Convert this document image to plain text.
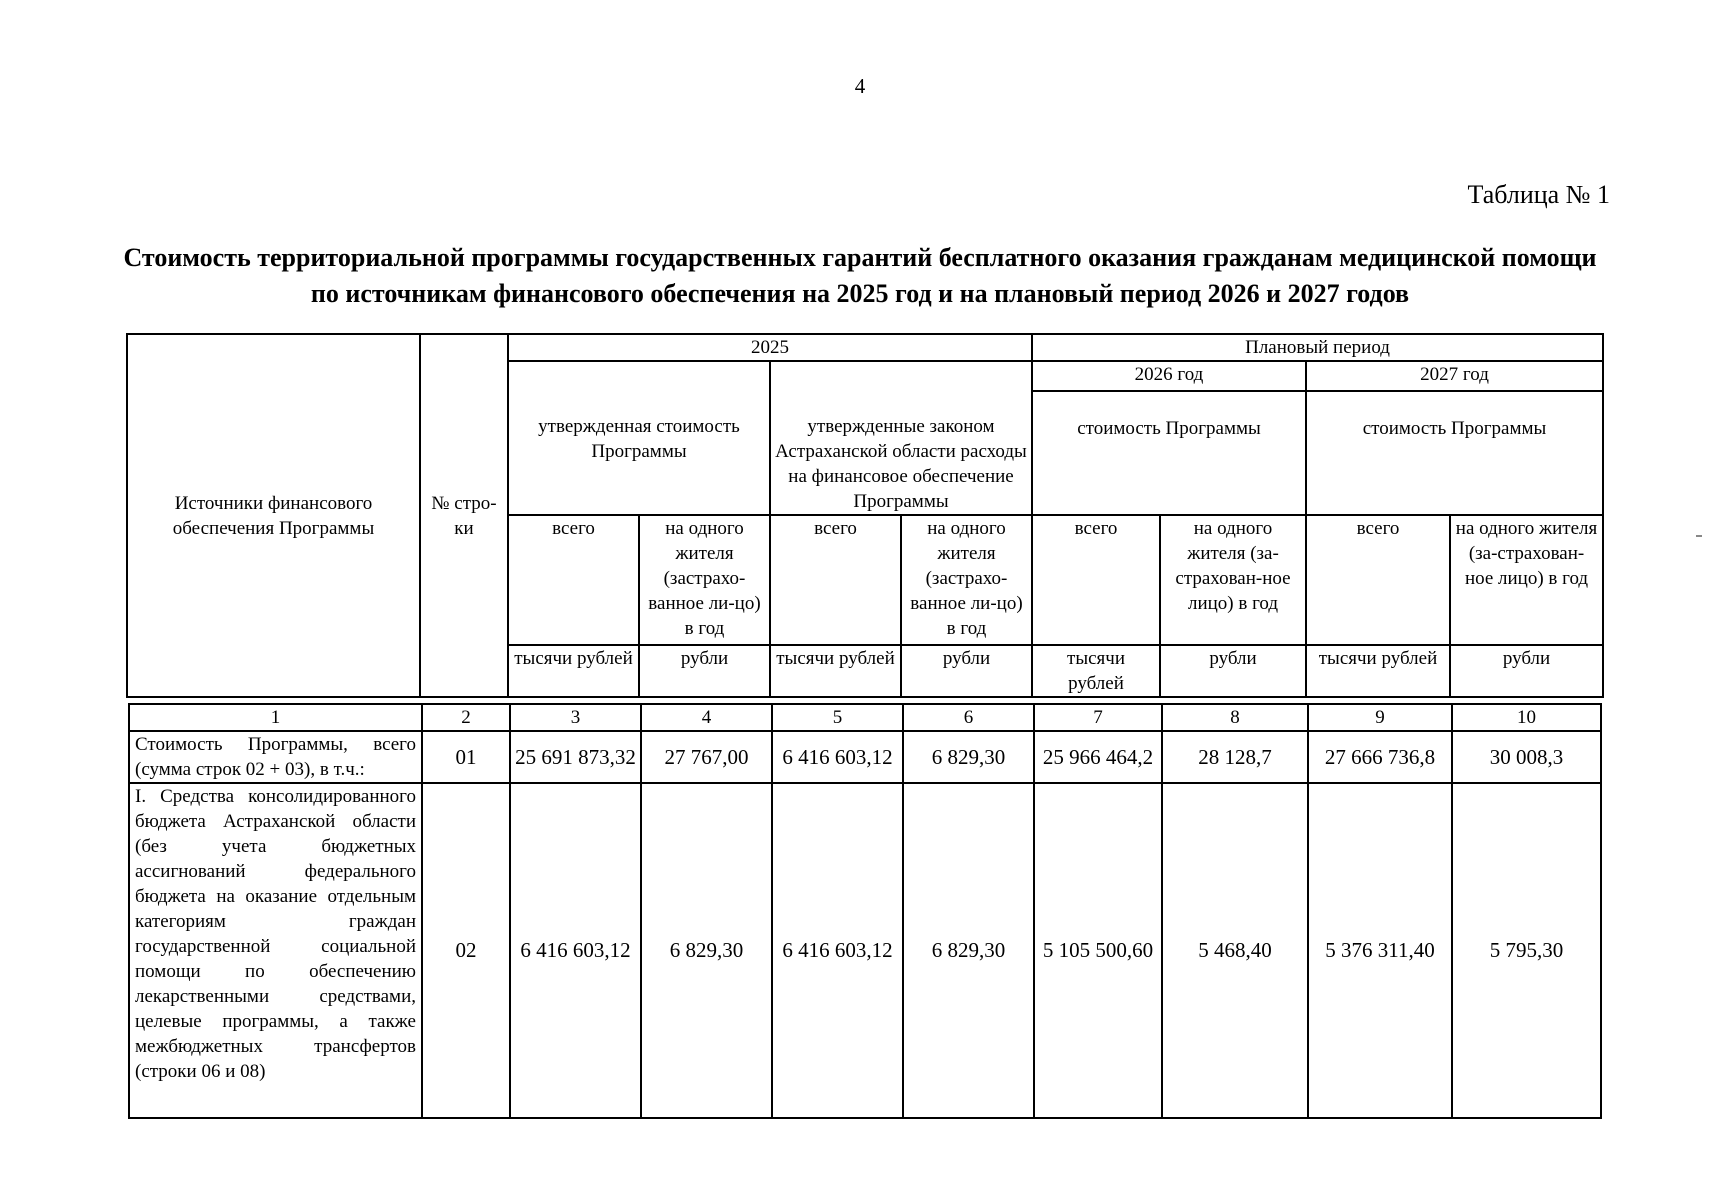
4
Таблица № 1
Стоимость территориальной программы государственных гарантий бесплатного оказания гражданам медицинской помощи по источникам финансового обеспечения на 2025 год и на плановый период 2026 и 2027 годов
Источники финансового обеспечения Программы	№ стро-ки	2025				Плановый период			
		утвержденная стоимость Программы		утвержденные законом Астраханской области расходы на финансовое обеспечение Программы		2026 год		2027 год	
						стоимость Программы		стоимость Программы	
		всего	на одного жителя (застрахо-ванное ли-цо) в год	всего	на одного жителя (застрахо-ванное ли-цо) в год	всего	на одного жителя (за-страхован-ное лицо) в год	всего	на одного жителя (за-страхован-ное лицо) в год
		тысячи рублей	рубли	тысячи рублей	рубли	тысячи рублей	рубли	тысячи рублей	рубли

1	2	3	4	5	6	7	8	9	10
Стоимость Программы, всего (сумма строк 02 + 03), в т.ч.:	01	25 691 873,32	27 767,00	6 416 603,12	6 829,30	25 966 464,2	28 128,7	27 666 736,8	30 008,3
I. Средства консолидированного бюджета Астраханской области (без учета бюджетных ассигнований федерального бюджета на оказание отдельным категориям граждан государственной социальной помощи по обеспечению лекарственными средствами, целевые программы, а также межбюджетных трансфертов (строки 06 и 08)	02	6 416 603,12	6 829,30	6 416 603,12	6 829,30	5 105 500,60	5 468,40	5 376 311,40	5 795,30
